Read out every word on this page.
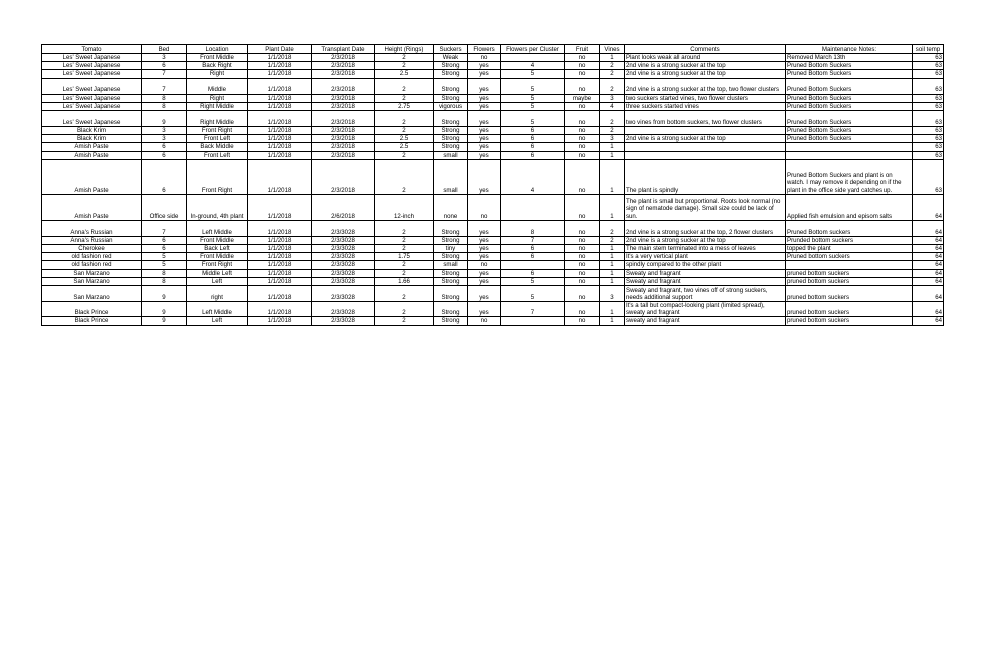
Tomato	Bed	Location	Plant Date	Transplant Date	Height (Rings)	Suckers	Flowers	Flowers per Cluster	Fruit	Vines	Comments	Maintenance Notes:	soil temp
Les' Sweet Japanese	3	Front Middle	1/1/2018	2/3/2018	2	Weak	no		no	1	Plant looks weak all around	Removed March 13th	63
Les' Sweet Japanese	6	Back Right	1/1/2018	2/3/2018	2	Strong	yes	4	no	2	2nd vine is a strong sucker at the top	Pruned Bottom Suckers	63
Les' Sweet Japanese	7	Right	1/1/2018	2/3/2018	2.5	Strong	yes	5	no	2	2nd vine is a strong sucker at the top	Pruned Bottom Suckers	63
Les' Sweet Japanese	7	Middle	1/1/2018	2/3/2018	2	Strong	yes	5	no	2	2nd vine is a strong sucker at the top, two flower clusters	Pruned Bottom Suckers	63
Les' Sweet Japanese	8	Right	1/1/2018	2/3/2018	2	Strong	yes	5	maybe	3	two suckers started vines, two flower clusters	Pruned Bottom Suckers	63
Les' Sweet Japanese	8	Right Middle	1/1/2018	2/3/2018	2.75	vigorous	yes	5	no	4	three suckers started vines	Pruned Bottom Suckers	63
Les' Sweet Japanese	9	Right Middle	1/1/2018	2/3/2018	2	Strong	yes	5	no	2	two vines from bottom suckers, two flower clusters	Pruned Bottom Suckers	63
Black Krim	3	Front Right	1/1/2018	2/3/2018	2	Strong	yes	6	no	2		Pruned Bottom Suckers	63
Black Krim	3	Front Left	1/1/2018	2/3/2018	2.5	Strong	yes	6	no	3	2nd vine is a strong sucker at the top	Pruned Bottom Suckers	63
Amish Paste	6	Back Middle	1/1/2018	2/3/2018	2.5	Strong	yes	6	no	1			63
Amish Paste	6	Front Left	1/1/2018	2/3/2018	2	small	yes	6	no	1			63
Amish Paste	6	Front Right	1/1/2018	2/3/2018	2	small	yes	4	no	1	The plant is spindly	Pruned Bottom Suckers and plant is on watch. I may remove it depending on if the plant in the office side yard catches up.	63
Amish Paste	Office side	In-ground, 4th plant	1/1/2018	2/6/2018	12-inch	none	no		no	1	The plant is small but proportional. Roots look normal (no sign of nematode damage). Small size could be lack of sun.	Applied fish emulsion and episom salts	64
Anna's Russian	7	Left Middle	1/1/2018	2/3/3028	2	Strong	yes	8	no	2	2nd vine is a strong sucker at the top, 2 flower clusters	Pruned Bottom suckers	64
Anna's Russian	6	Front Middle	1/1/2018	2/3/3028	2	Strong	yes	7	no	2	2nd vine is a strong sucker at the top	Prunded bottom suckers	64
Cherokee	6	Back Left	1/1/2018	2/3/3028	2	tiny	yes	6	no	1	The main stem terminated into a mess of leaves	topped the plant	64
old fashion red	5	Front Middle	1/1/2018	2/3/3028	1.75	Strong	yes	6	no	1	It's a very vertical plant	Pruned bottom suckers	64
old fashion red	5	Front Right	1/1/2018	2/3/3028	2	small	no		no	1	spindly compared to the other plant		64
San Marzano	8	Middle Left	1/1/2018	2/3/3028	2	Strong	yes	6	no	1	Sweaty and fragrant	pruned bottom suckers	64
San Marzano	8	Left	1/1/2018	2/3/3028	1.66	Strong	yes	5	no	1	Sweaty and fragrant	pruned bottom suckers	64
San Marzano	9	right	1/1/2018	2/3/3028	2	Strong	yes	5	no	3	Sweaty and fragrant, two vines off of strong suckers, needs additional support	pruned bottom suckers	64
Black Prince	9	Left Middle	1/1/2018	2/3/3028	2	Strong	yes	7	no	1	It's a tall but compact-looking plant (limited spread), sweaty and fragrant	pruned bottom suckers	64
Black Prince	9	Left	1/1/2018	2/3/3028	2	Strong	no		no	1	sweaty and fragrant	pruned bottom suckers	64
